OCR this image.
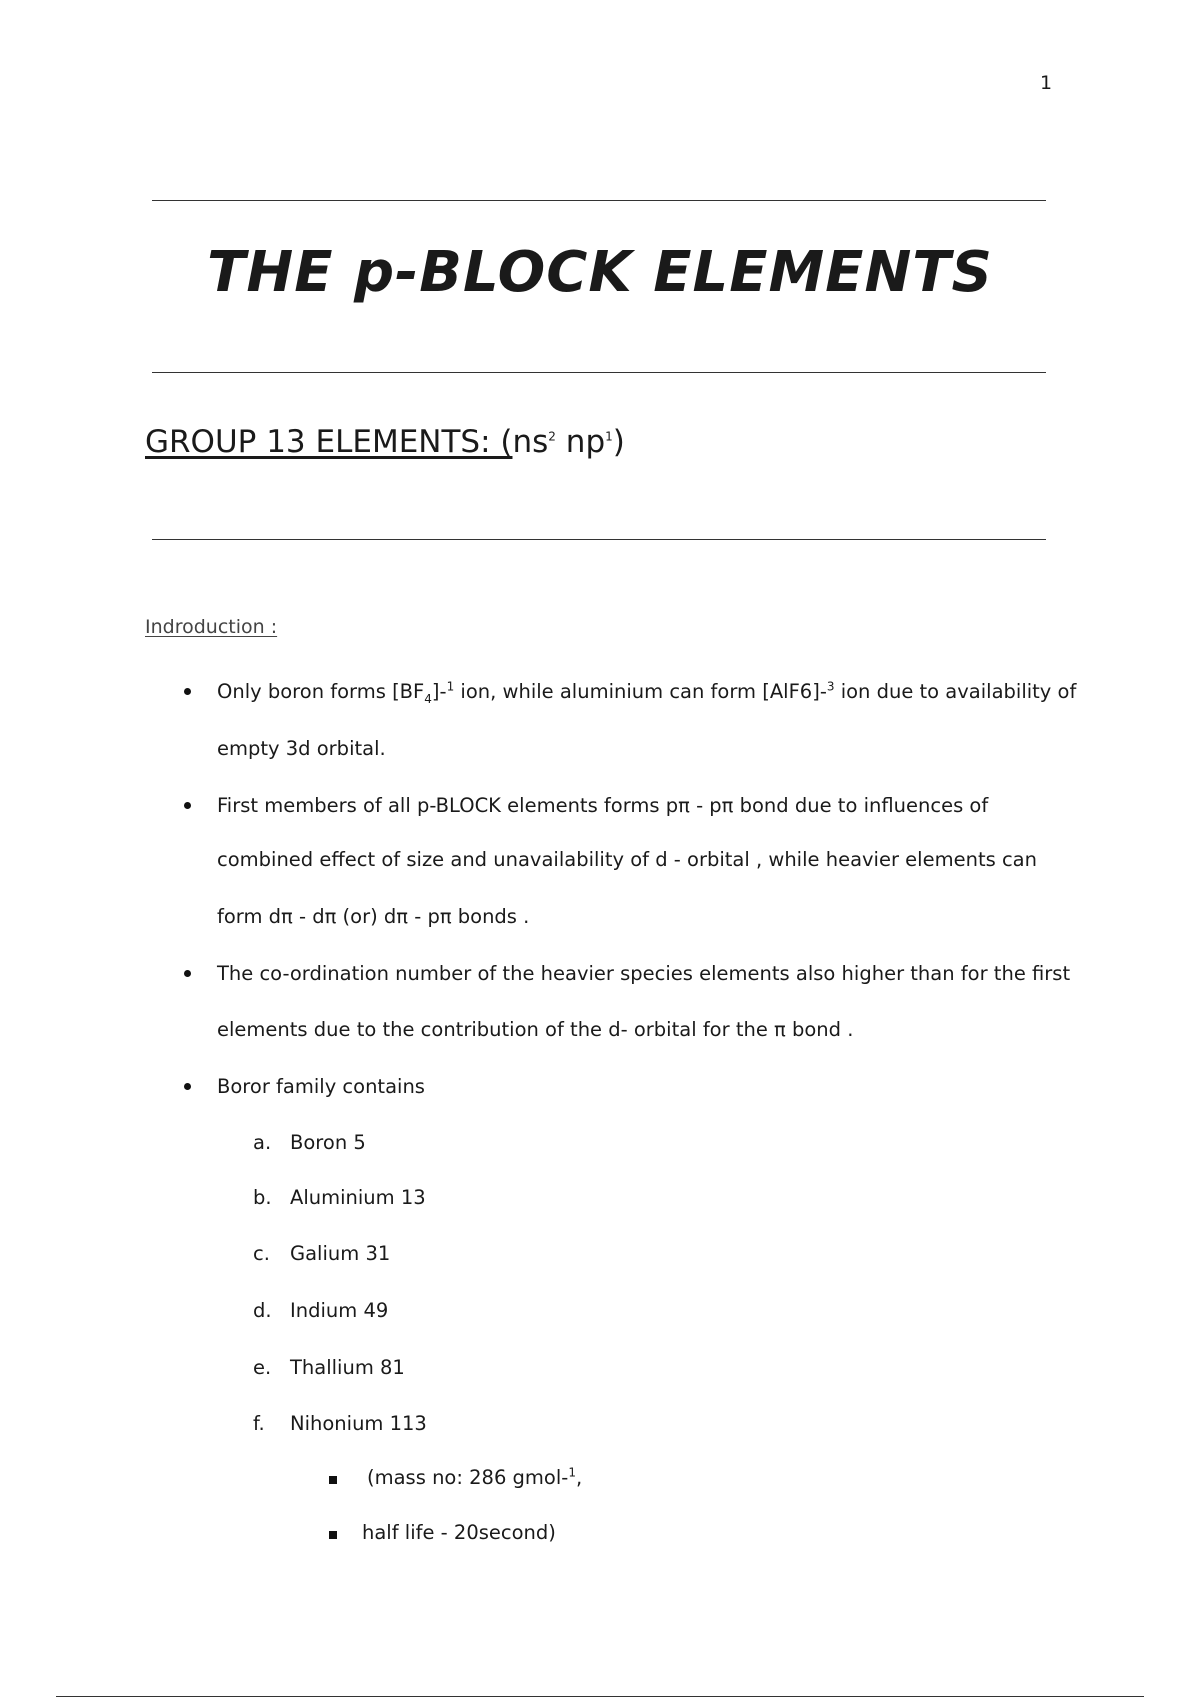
1
THE p-BLOCK ELEMENTS
GROUP 13 ELEMENTS: ($ns^2$ $np^1$)
Indroduction :
Only boron forms $[BF_4]-^1$ ion, while aluminium can form [AlF6]-$^3$ ion due to availability of
empty 3d orbital.
First members of all p-BLOCK elements forms pπ - pπ bond due to influences of
combined effect of size and unavailability of d - orbital , while heavier elements can
form dπ - dπ (or) dπ - pπ bonds .
The co-ordination number of the heavier species elements also higher than for the first
elements due to the contribution of the d- orbital for the π bond .
Boror family contains
a. Boron 5
b. Aluminium 13
c. Galium 31
d. Indium 49
e. Thallium 81
f. Nihonium 113
(mass no: 286 gmol-$^1$,
half life - 20second)
